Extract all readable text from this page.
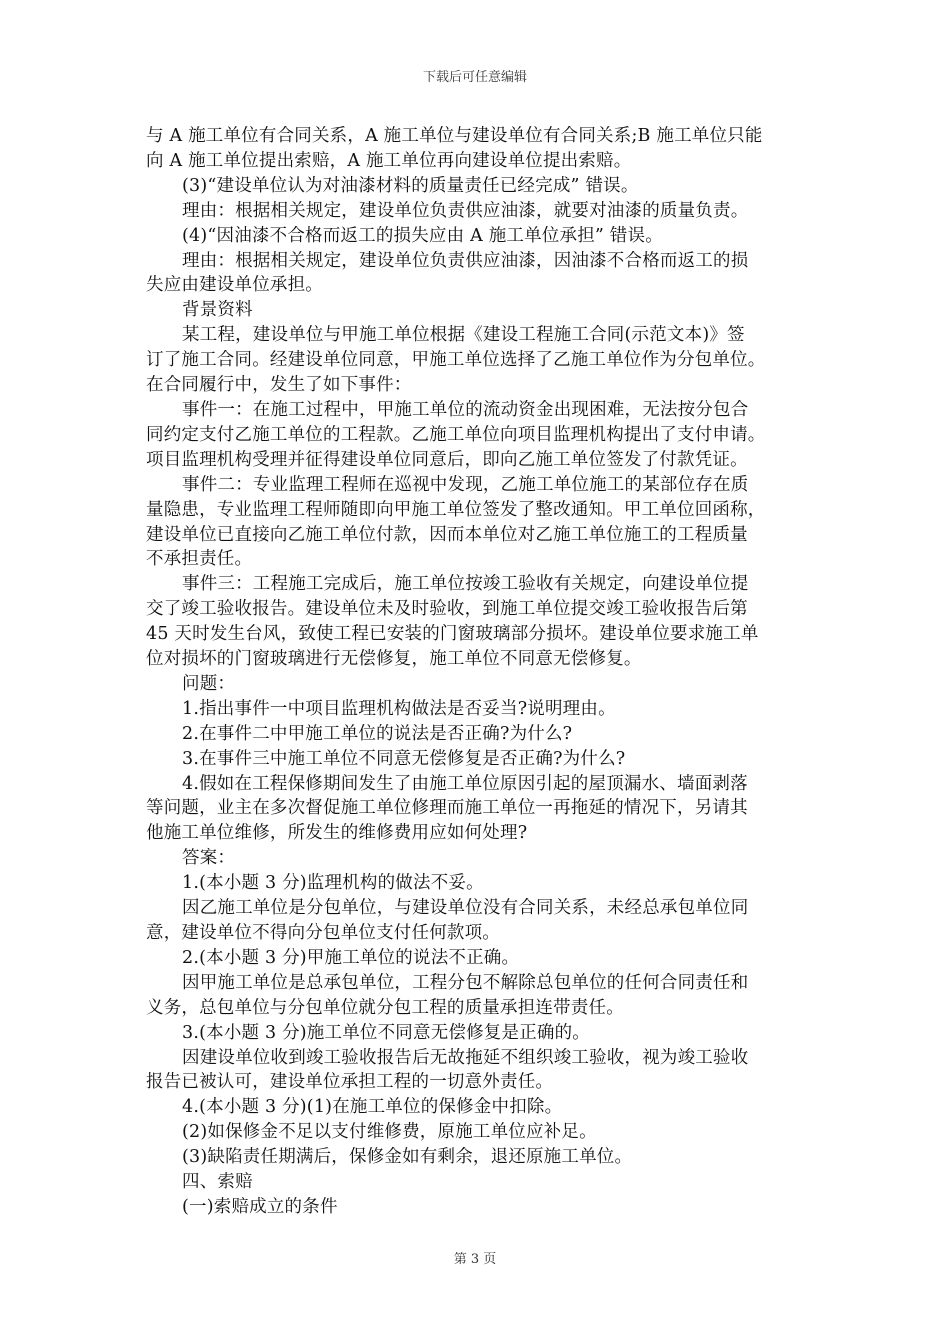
下载后可任意编辑

与 A 施工单位有合同关系，A 施工单位与建设单位有合同关系;B 施工单位只能

向 A 施工单位提出索赔，A 施工单位再向建设单位提出索赔。

(3)“建设单位认为对油漆材料的质量责任已经完成” 错误。

理由：根据相关规定，建设单位负责供应油漆，就要对油漆的质量负责。

(4)“因油漆不合格而返工的损失应由 A 施工单位承担” 错误。

理由：根据相关规定，建设单位负责供应油漆，因油漆不合格而返工的损

失应由建设单位承担。

背景资料

某工程，建设单位与甲施工单位根据《建设工程施工合同(示范文本)》签

订了施工合同。经建设单位同意，甲施工单位选择了乙施工单位作为分包单位。

在合同履行中，发生了如下事件：

事件一：在施工过程中，甲施工单位的流动资金出现困难，无法按分包合

同约定支付乙施工单位的工程款。乙施工单位向项目监理机构提出了支付申请。

项目监理机构受理并征得建设单位同意后，即向乙施工单位签发了付款凭证。

事件二：专业监理工程师在巡视中发现，乙施工单位施工的某部位存在质

量隐患，专业监理工程师随即向甲施工单位签发了整改通知。甲工单位回函称，

建设单位已直接向乙施工单位付款，因而本单位对乙施工单位施工的工程质量

不承担责任。

事件三：工程施工完成后，施工单位按竣工验收有关规定，向建设单位提

交了竣工验收报告。建设单位未及时验收，到施工单位提交竣工验收报告后第

45 天时发生台风，致使工程已安装的门窗玻璃部分损坏。建设单位要求施工单

位对损坏的门窗玻璃进行无偿修复，施工单位不同意无偿修复。

问题：

1.指出事件一中项目监理机构做法是否妥当?说明理由。

2.在事件二中甲施工单位的说法是否正确?为什么?

3.在事件三中施工单位不同意无偿修复是否正确?为什么?

4.假如在工程保修期间发生了由施工单位原因引起的屋顶漏水、墙面剥落

等问题，业主在多次督促施工单位修理而施工单位一再拖延的情况下，另请其

他施工单位维修，所发生的维修费用应如何处理?

答案：

1.(本小题 3 分)监理机构的做法不妥。

因乙施工单位是分包单位，与建设单位没有合同关系，未经总承包单位同

意，建设单位不得向分包单位支付任何款项。

2.(本小题 3 分)甲施工单位的说法不正确。

因甲施工单位是总承包单位，工程分包不解除总包单位的任何合同责任和

义务，总包单位与分包单位就分包工程的质量承担连带责任。

3.(本小题 3 分)施工单位不同意无偿修复是正确的。

因建设单位收到竣工验收报告后无故拖延不组织竣工验收，视为竣工验收

报告已被认可，建设单位承担工程的一切意外责任。

4.(本小题 3 分)(1)在施工单位的保修金中扣除。

(2)如保修金不足以支付维修费，原施工单位应补足。

(3)缺陷责任期满后，保修金如有剩余，退还原施工单位。

四、索赔

(一)索赔成立的条件

第 3 页
